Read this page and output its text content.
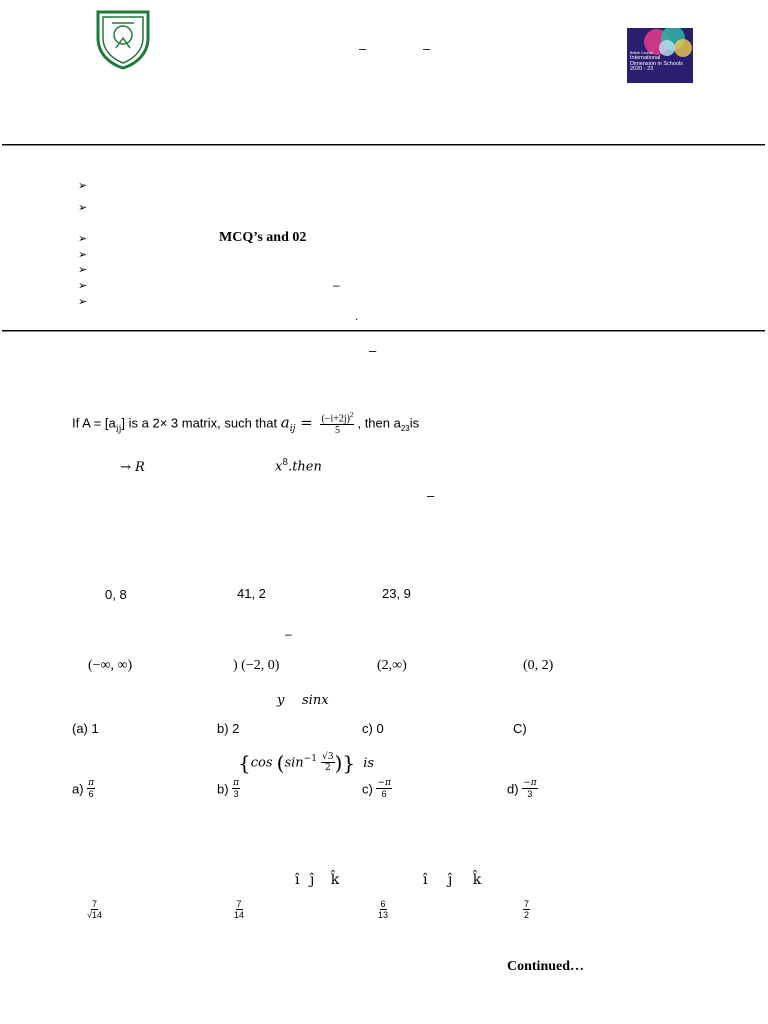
–	–	British Council
International
Dimension in Schools
2020 - 23
➢
➢
➢	MCQ’s and 02
➢
➢
➢	–
➢
.
–
If $A = [a_{ij}]$ is a 2× 3 matrix, such that $a_{ij} = \frac{(-i+2j)^2}{5}$ , then $a_{23}is$
→ R	$x^8.then$
–
0, 8	41, 2	23, 9
–
(−∞, ∞)	) (−2, 0)	(2,∞)	(0, 2)
y sinx
(a) 1	b) 2	c) 0	C)
{cos ($\sin^{-1} \frac{√3}{2}$ )} is
$a) \frac{\pi}{6}$	$b) \frac{\pi}{3}$	$c) \frac{-\pi}{6}$	$d) \frac{-\pi}{3}$
î ĵ k̂	î ĵ k̂
$\frac{7}{√14}$	$\frac{7}{14}$	$\frac{6}{13}$	$\frac{7}{2}$
Continued…
